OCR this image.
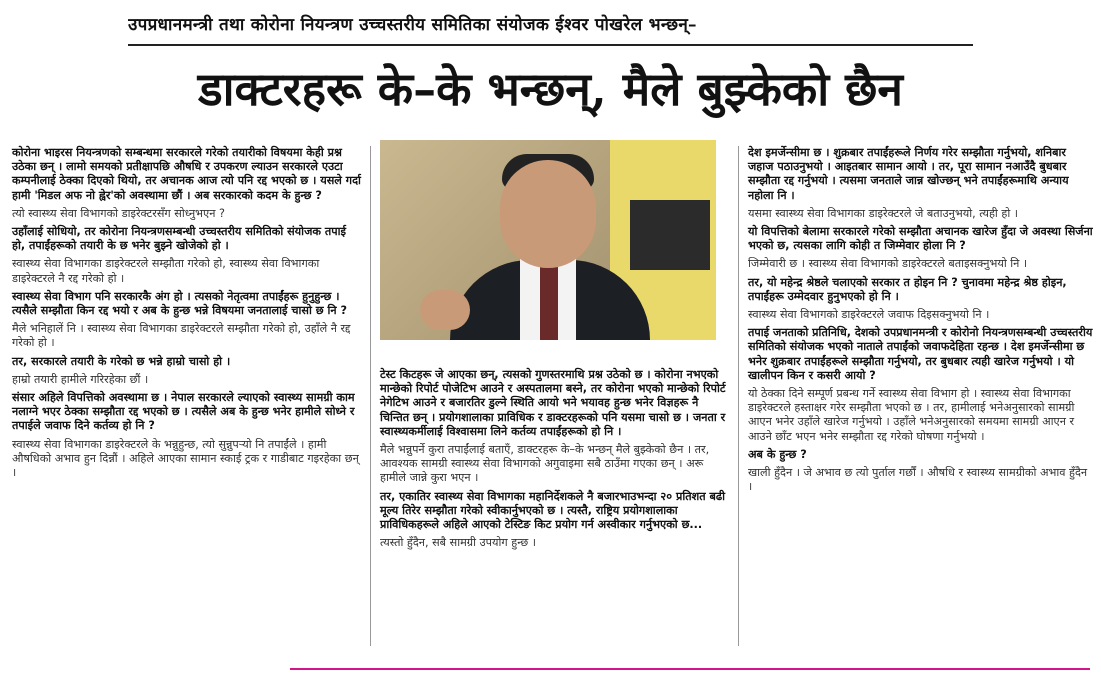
उपप्रधानमन्त्री तथा कोरोना नियन्त्रण उच्चस्तरीय समितिका संयोजक ईश्वर पोखरेल भन्छन्–
डाक्टरहरू के–के भन्छन्, मैले बुझ्केको छैन

कोरोना भाइरस नियन्त्रणको सम्बन्धमा सरकारले गरेको तयारीको विषयमा केही प्रश्न उठेका छन् । लामो समयको प्रतीक्षापछि औषधि र उपकरण ल्याउन सरकारले एउटा कम्पनीलाई ठेक्का दिएको थियो, तर अचानक आज त्यो पनि रद्द भएको छ । यसले गर्दा हामी 'मिडल अफ नो ह्वेर'को अवस्थामा छौं । अब सरकारको कदम के हुन्छ ?

त्यो स्वास्थ्य सेवा विभागको डाइरेक्टरसँग सोध्नुभएन ?

उहाँलाई सोधियो, तर कोरोना नियन्त्रणसम्बन्धी उच्चस्तरीय समितिको संयोजक तपाई हो, तपाईंहरूको तयारी के छ भनेर बुझ्ने खोजेको हो ।

स्वास्थ्य सेवा विभागका डाइरेक्टरले सम्झौता गरेको हो, स्वास्थ्य सेवा विभागका डाइरेक्टरले नै रद्द गरेको हो ।

स्वास्थ्य सेवा विभाग पनि सरकारकै अंग हो । त्यसको नेतृत्वमा तपाईंहरू हुनुहुन्छ । त्यसैले सम्झौता किन रद्द भयो र अब के हुन्छ भन्ने विषयमा जनतालाई चासो छ नि ?

मैले भनिहालें नि । स्वास्थ्य सेवा विभागका डाइरेक्टरले सम्झौता गरेको हो, उहाँले नै रद्द गरेको हो ।

तर, सरकारले तयारी के गरेको छ भन्ने हाम्रो चासो हो ।

हाम्रो तयारी हामीले गरिरहेका छौं ।

संसार अहिले विपत्तिको अवस्थामा छ । नेपाल सरकारले ल्याएको स्वास्थ्य सामग्री काम नलाग्ने भएर ठेक्का सम्झौता रद्द भएको छ । त्यसैले अब के हुन्छ भनेर हामीले सोध्ने र तपाईले जवाफ दिने कर्तव्य हो नि ?

स्वास्थ्य सेवा विभागका डाइरेक्टरले के भन्नुहुन्छ, त्यो सुन्नुपर्‍यो नि तपाईंले । हामी औषधिको अभाव हुन दिन्नौं । अहिले आएका सामान स्काई ट्रक र गाडीबाट गइरहेका छन् ।

टेस्ट किटहरू जे आएका छन्, त्यसको गुणस्तरमाथि प्रश्न उठेको छ । कोरोना नभएको मान्छेको रिपोर्ट पोजेटिभ आउने र अस्पतालमा बस्ने, तर कोरोना भएको मान्छेको रिपोर्ट नेगेटिभ आउने र बजारतिर डुल्ने स्थिति आयो भने भयावह हुन्छ भनेर विज्ञहरू नै चिन्तित छन् । प्रयोगशालाका प्राविधिक र डाक्टरहरूको पनि यसमा चासो छ । जनता र स्वास्थ्यकर्मीलाई विश्वासमा लिने कर्तव्य तपाईंहरूको हो नि ।

मैले भन्नुपर्ने कुरा तपाईंलाई बताएँ, डाक्टरहरू के–के भन्छन् मैले बुझ्केको छैन । तर, आवश्यक सामग्री स्वास्थ्य सेवा विभागको अगुवाइमा सबै ठाउँमा गएका छन् । अरू हामीले जान्ने कुरा भएन ।

तर, एकातिर स्वास्थ्य सेवा विभागका महानिर्देशकले नै बजारभाउभन्दा २० प्रतिशत बढी मूल्य तिरेर सम्झौता गरेको स्वीकार्नुभएको छ । त्यस्तै, राष्ट्रिय प्रयोगशालाका प्राविधिकहरूले अहिले आएको टेस्टिङ किट प्रयोग गर्न अस्वीकार गर्नुभएको छ...

त्यस्तो हुँदैन, सबै सामग्री उपयोग हुन्छ ।

देश इमर्जेन्सीमा छ । शुक्रबार तपाईंहरूले निर्णय गरेर सम्झौता गर्नुभयो, शनिबार जहाज पठाउनुभयो । आइतबार सामान आयो । तर, पूरा सामान नआउँदै बुधबार सम्झौता रद्द गर्नुभयो । त्यसमा जनताले जान्न खोज्छन् भने तपाईंहरूमाथि अन्याय नहोला नि ।

यसमा स्वास्थ्य सेवा विभागका डाइरेक्टरले जे बताउनुभयो, त्यही हो ।

यो विपत्तिको बेलामा सरकारले गरेको सम्झौता अचानक खारेज हुँदा जे अवस्था सिर्जना भएको छ, त्यसका लागि कोही त जिम्मेवार होला नि ?

जिम्मेवारी छ । स्वास्थ्य सेवा विभागको डाइरेक्टरले बताइसक्नुभयो नि ।

तर, यो महेन्द्र श्रेष्ठले चलाएको सरकार त होइन नि ? चुनावमा महेन्द्र श्रेष्ठ होइन, तपाईंहरू उम्मेदवार हुनुभएको हो नि ।

स्वास्थ्य सेवा विभागको डाइरेक्टरले जवाफ दिइसक्नुभयो नि ।

तपाई जनताको प्रतिनिधि, देशको उपप्रधानमन्त्री र कोरोनो नियन्त्रणसम्बन्धी उच्चस्तरीय समितिको संयोजक भएको नाताले तपाईंको जवाफदेहिता रहन्छ । देश इमर्जेन्सीमा छ भनेर शुक्रबार तपाईंहरूले सम्झौता गर्नुभयो, तर बुधबार त्यही खारेज गर्नुभयो । यो खालीपन किन र कसरी आयो ?

यो ठेक्का दिने सम्पूर्ण प्रबन्ध गर्ने स्वास्थ्य सेवा विभाग हो । स्वास्थ्य सेवा विभागका डाइरेक्टरले हस्ताक्षर गरेर सम्झौता भएको छ । तर, हामीलाई भनेअनुसारको सामग्री आएन भनेर उहाँले खारेज गर्नुभयो । उहाँले भनेअनुसारको समयमा सामग्री आएन र आउने छाँट भएन भनेर सम्झौता रद्द गरेको घोषणा गर्नुभयो ।

अब के हुन्छ ?

खाली हुँदैन । जे अभाव छ त्यो पुर्ताल गर्छौं । औषधि र स्वास्थ्य सामग्रीको अभाव हुँदैन ।
